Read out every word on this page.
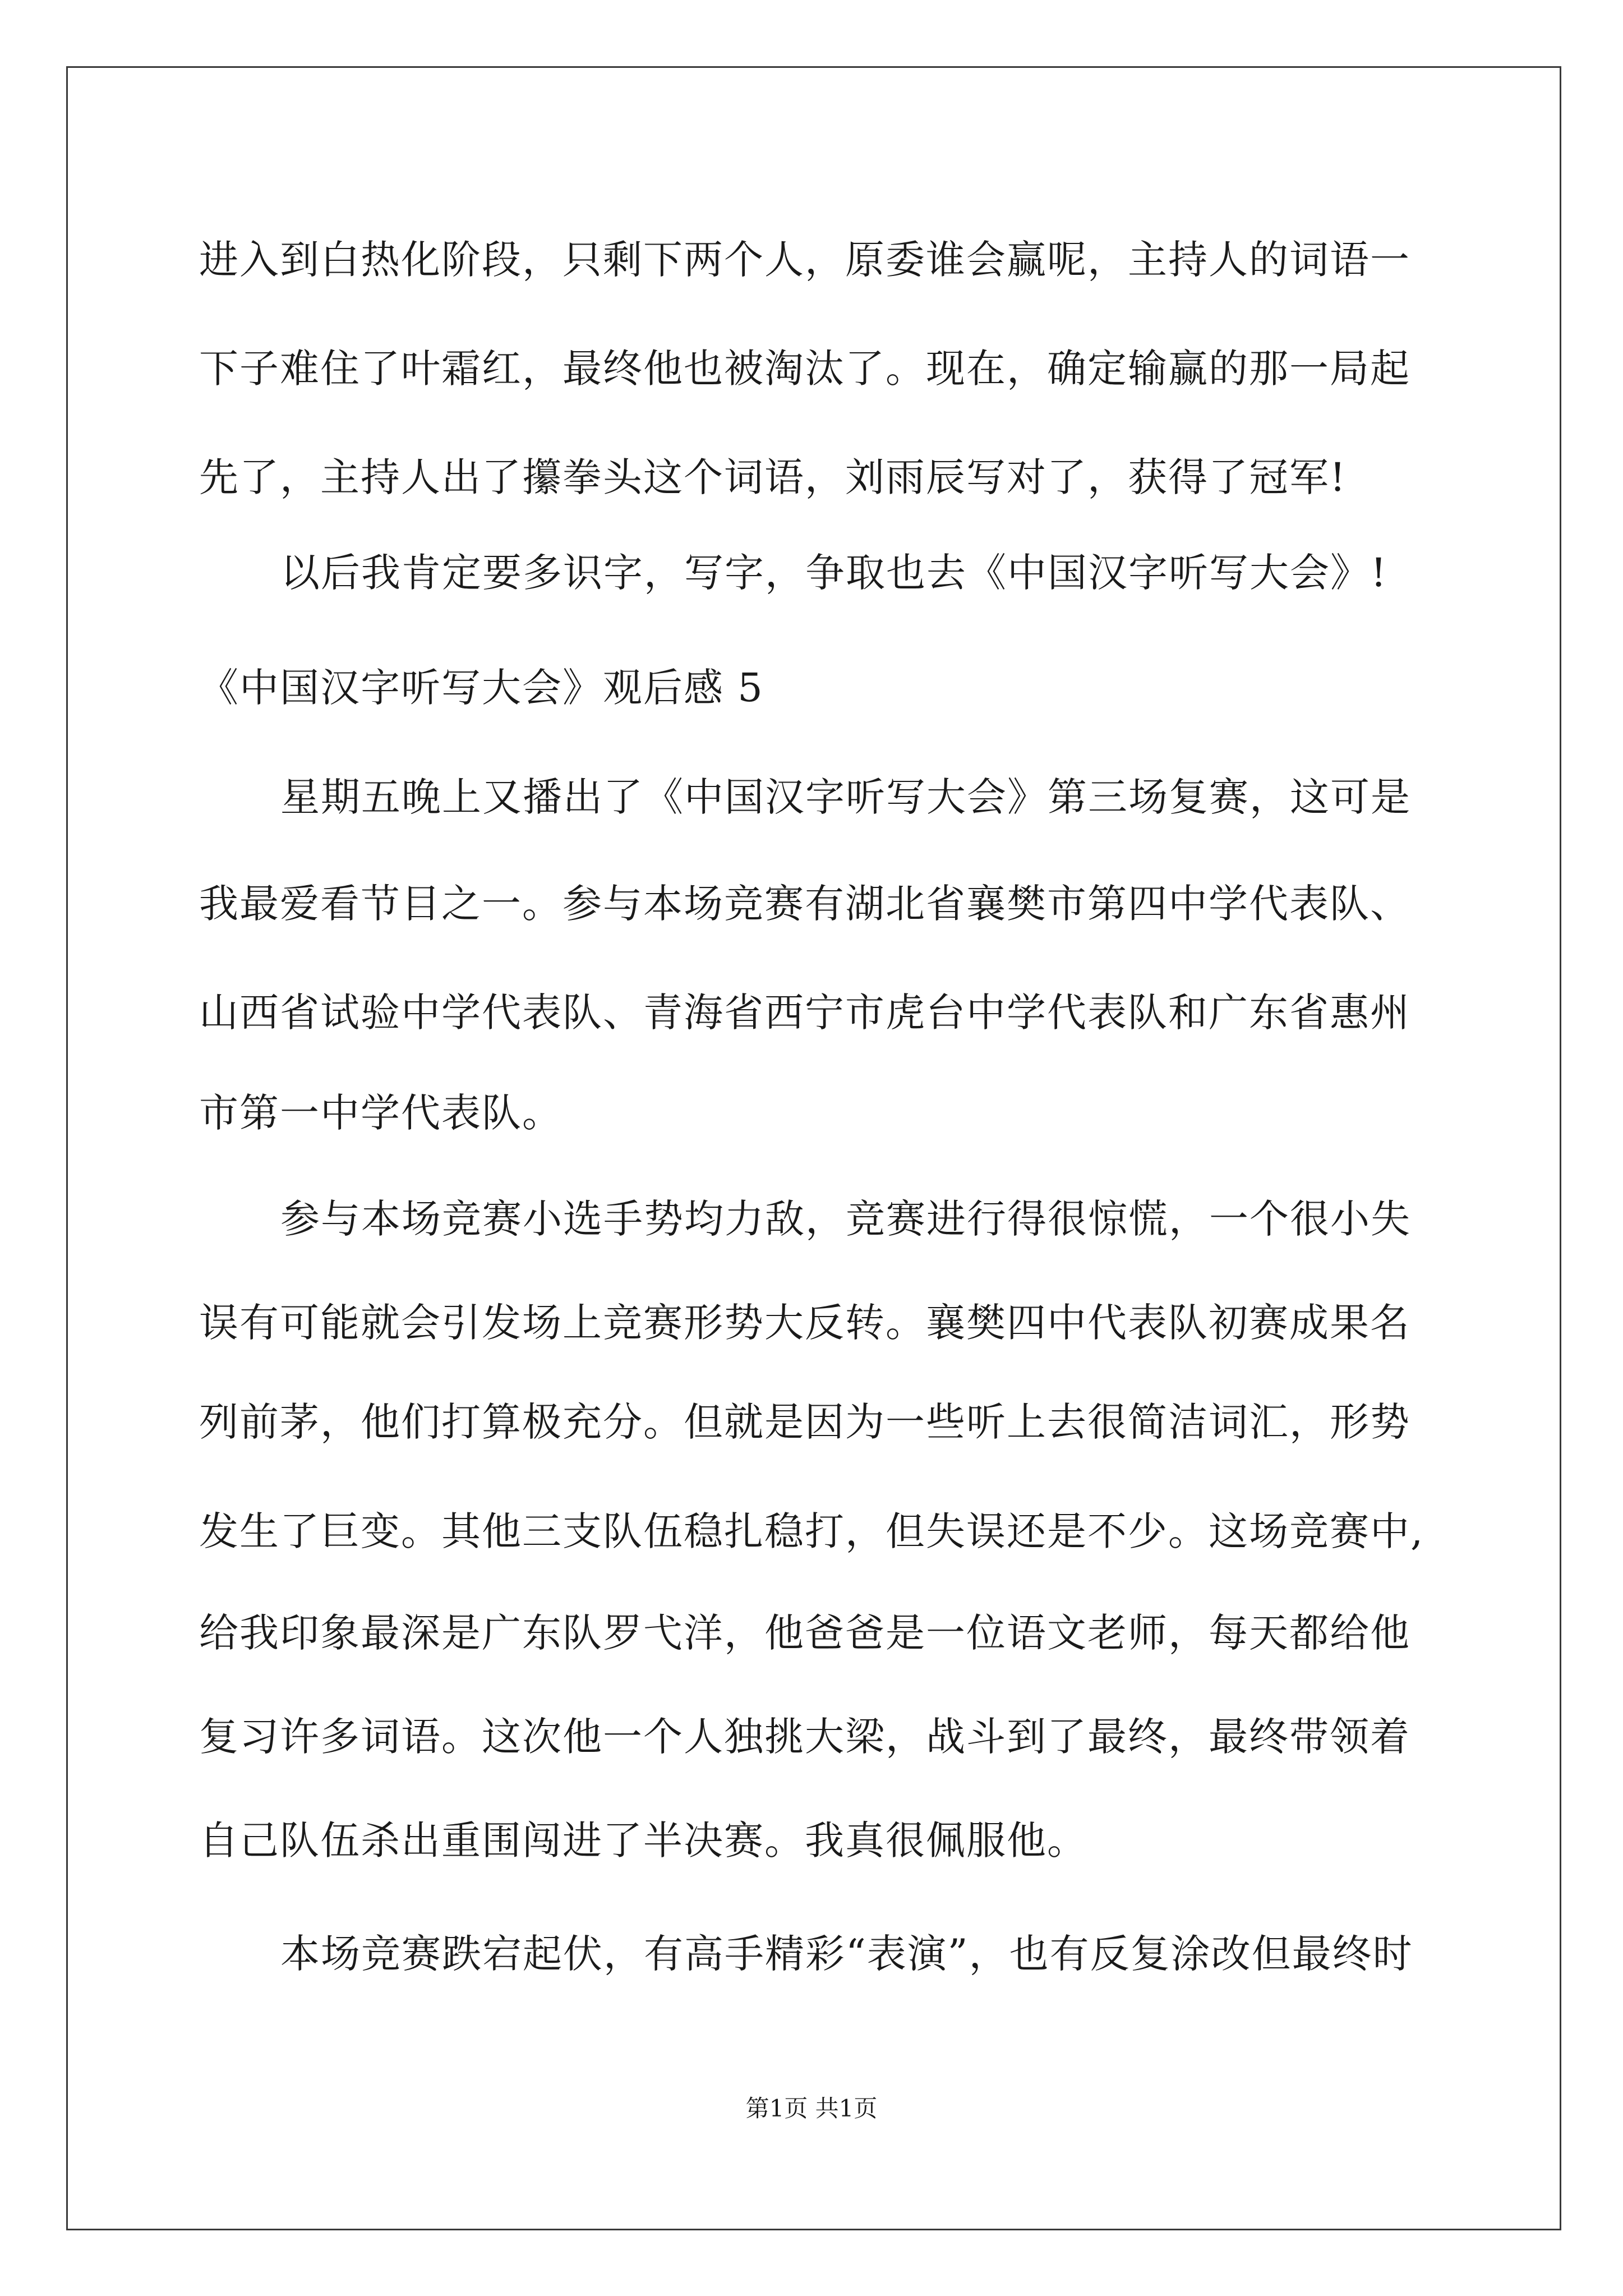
进入到白热化阶段，只剩下两个人，原委谁会赢呢，主持人的词语一
下子难住了叶霜红，最终他也被淘汰了。现在，确定输赢的那一局起
先了，主持人出了攥拳头这个词语，刘雨辰写对了，获得了冠军!
以后我肯定要多识字，写字，争取也去《中国汉字听写大会》!
《中国汉字听写大会》观后感 5
星期五晚上又播出了《中国汉字听写大会》第三场复赛，这可是
我最爱看节目之一。参与本场竞赛有湖北省襄樊市第四中学代表队、
山西省试验中学代表队、青海省西宁市虎台中学代表队和广东省惠州
市第一中学代表队。
参与本场竞赛小选手势均力敌，竞赛进行得很惊慌，一个很小失
误有可能就会引发场上竞赛形势大反转。襄樊四中代表队初赛成果名
列前茅，他们打算极充分。但就是因为一些听上去很简洁词汇，形势
发生了巨变。其他三支队伍稳扎稳打，但失误还是不少。这场竞赛中,
给我印象最深是广东队罗弋洋，他爸爸是一位语文老师，每天都给他
复习许多词语。这次他一个人独挑大梁，战斗到了最终，最终带领着
自己队伍杀出重围闯进了半决赛。我真很佩服他。
本场竞赛跌宕起伏，有高手精彩“表演”，也有反复涂改但最终时
第1页 共1页
